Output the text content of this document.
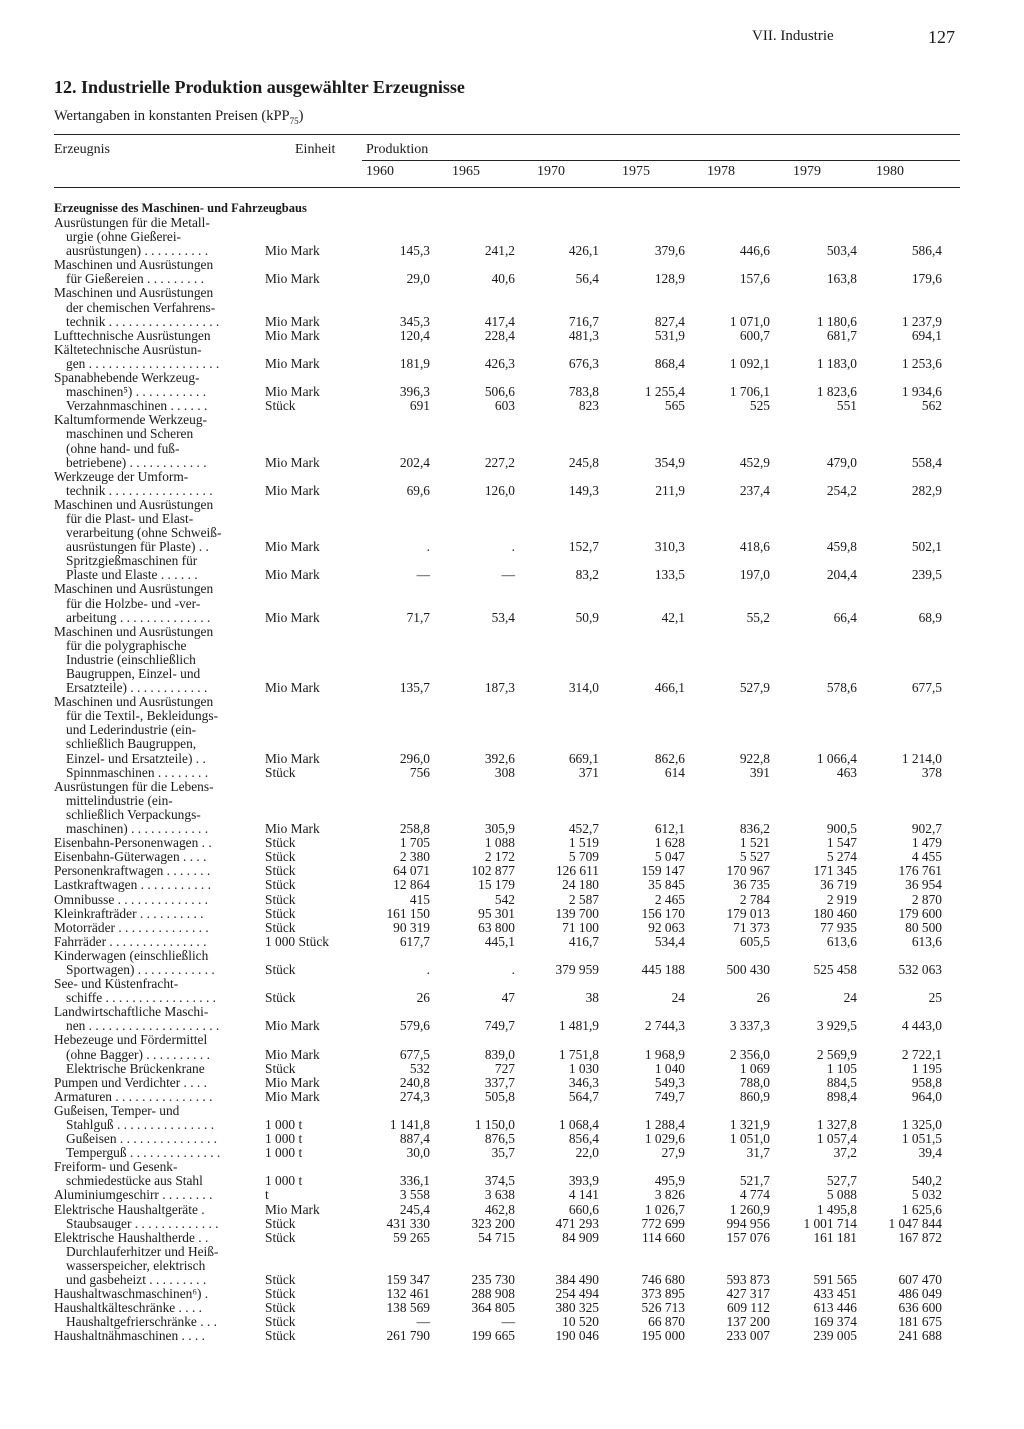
VII. Industrie	127
12. Industrielle Produktion ausgewählter Erzeugnisse
Wertangaben in konstanten Preisen (kPP$_{75}$)
Erzeugnis	Einheit Produktion
1960	1965	1970	1975	1978	1979	1980
Erzeugnisse des Maschinen- und Fahrzeugbaus
Ausrüstungen für die Metall-
urgie (ohne Gießerei-
ausrüstungen) . . . . . . . . . .	Mio Mark	145,3	241,2	426,1	379,6	446,6	503,4	586,4
Maschinen und Ausrüstungen
für Gießereien . . . . . . . . .	Mio Mark	29,0	40,6	56,4	128,9	157,6	163,8	179,6
Maschinen und Ausrüstungen
der chemischen Verfahrens-
technik . . . . . . . . . . . . . . . . .	Mio Mark	345,3	417,4	716,7	827,4	1 071,0	1 180,6	1 237,9
Lufttechnische Ausrüstungen	Mio Mark	120,4	228,4	481,3	531,9	600,7	681,7	694,1
Kältetechnische Ausrüstun-
gen . . . . . . . . . . . . . . . . . . . .	Mio Mark	181,9	426,3	676,3	868,4	1 092,1	1 183,0	1 253,6
Spanabhebende Werkzeug-
maschinen⁵) . . . . . . . . . . .	Mio Mark	396,3	506,6	783,8	1 255,4	1 706,1	1 823,6	1 934,6
Verzahnmaschinen . . . . . .	Stück	691	603	823	565	525	551	562
Kaltumformende Werkzeug-
maschinen und Scheren
(ohne hand- und fuß-
betriebene) . . . . . . . . . . . .	Mio Mark	202,4	227,2	245,8	354,9	452,9	479,0	558,4
Werkzeuge der Umform-
technik . . . . . . . . . . . . . . . .	Mio Mark	69,6	126,0	149,3	211,9	237,4	254,2	282,9
Maschinen und Ausrüstungen
für die Plast- und Elast-
verarbeitung (ohne Schweiß-
ausrüstungen für Plaste) . .	Mio Mark	.	.	152,7	310,3	418,6	459,8	502,1
Spritzgießmaschinen für
Plaste und Elaste . . . . . .	Mio Mark	—	—	83,2	133,5	197,0	204,4	239,5
Maschinen und Ausrüstungen
für die Holzbe- und -ver-
arbeitung . . . . . . . . . . . . . .	Mio Mark	71,7	53,4	50,9	42,1	55,2	66,4	68,9
Maschinen und Ausrüstungen
für die polygraphische
Industrie (einschließlich
Baugruppen, Einzel- und
Ersatzteile) . . . . . . . . . . . .	Mio Mark	135,7	187,3	314,0	466,1	527,9	578,6	677,5
Maschinen und Ausrüstungen
für die Textil-, Bekleidungs-
und Lederindustrie (ein-
schließlich Baugruppen,
Einzel- und Ersatzteile) . .	Mio Mark	296,0	392,6	669,1	862,6	922,8	1 066,4	1 214,0
Spinnmaschinen . . . . . . . .	Stück	756	308	371	614	391	463	378
Ausrüstungen für die Lebens-
mittelindustrie (ein-
schließlich Verpackungs-
maschinen) . . . . . . . . . . . .	Mio Mark	258,8	305,9	452,7	612,1	836,2	900,5	902,7
Eisenbahn-Personenwagen . .	Stück	1 705	1 088	1 519	1 628	1 521	1 547	1 479
Eisenbahn-Güterwagen . . . .	Stück	2 380	2 172	5 709	5 047	5 527	5 274	4 455
Personenkraftwagen . . . . . . .	Stück	64 071	102 877	126 611	159 147	170 967	171 345	176 761
Lastkraftwagen . . . . . . . . . . .	Stück	12 864	15 179	24 180	35 845	36 735	36 719	36 954
Omnibusse . . . . . . . . . . . . . .	Stück	415	542	2 587	2 465	2 784	2 919	2 870
Kleinkrafträder . . . . . . . . . .	Stück	161 150	95 301	139 700	156 170	179 013	180 460	179 600
Motorräder . . . . . . . . . . . . . .	Stück	90 319	63 800	71 100	92 063	71 373	77 935	80 500
Fahrräder . . . . . . . . . . . . . . .	1 000 Stück	617,7	445,1	416,7	534,4	605,5	613,6	613,6
Kinderwagen (einschließlich
Sportwagen) . . . . . . . . . . . .	Stück	.	.	379 959	445 188	500 430	525 458	532 063
See- und Küstenfracht-
schiffe . . . . . . . . . . . . . . . . .	Stück	26	47	38	24	26	24	25
Landwirtschaftliche Maschi-
nen . . . . . . . . . . . . . . . . . . . .	Mio Mark	579,6	749,7	1 481,9	2 744,3	3 337,3	3 929,5	4 443,0
Hebezeuge und Fördermittel
(ohne Bagger) . . . . . . . . . .	Mio Mark	677,5	839,0	1 751,8	1 968,9	2 356,0	2 569,9	2 722,1
Elektrische Brückenkrane	Stück	532	727	1 030	1 040	1 069	1 105	1 195
Pumpen und Verdichter . . . .	Mio Mark	240,8	337,7	346,3	549,3	788,0	884,5	958,8
Armaturen . . . . . . . . . . . . . . .	Mio Mark	274,3	505,8	564,7	749,7	860,9	898,4	964,0
Gußeisen, Temper- und
Stahlguß . . . . . . . . . . . . . . .	1 000 t	1 141,8	1 150,0	1 068,4	1 288,4	1 321,9	1 327,8	1 325,0
Gußeisen . . . . . . . . . . . . . . .	1 000 t	887,4	876,5	856,4	1 029,6	1 051,0	1 057,4	1 051,5
Temperguß . . . . . . . . . . . . . .	1 000 t	30,0	35,7	22,0	27,9	31,7	37,2	39,4
Freiform- und Gesenk-
schmiedestücke aus Stahl	1 000 t	336,1	374,5	393,9	495,9	521,7	527,7	540,2
Aluminiumgeschirr . . . . . . . .	t	3 558	3 638	4 141	3 826	4 774	5 088	5 032
Elektrische Haushaltgeräte .	Mio Mark	245,4	462,8	660,6	1 026,7	1 260,9	1 495,8	1 625,6
Staubsauger . . . . . . . . . . . . .	Stück	431 330	323 200	471 293	772 699	994 956	1 001 714	1 047 844
Elektrische Haushaltherde . .	Stück	59 265	54 715	84 909	114 660	157 076	161 181	167 872
Durchlauferhitzer und Heiß-
wasserspeicher, elektrisch
und gasbeheizt . . . . . . . . .	Stück	159 347	235 730	384 490	746 680	593 873	591 565	607 470
Haushaltwaschmaschinen⁶) .	Stück	132 461	288 908	254 494	373 895	427 317	433 451	486 049
Haushaltkälteschränke . . . .	Stück	138 569	364 805	380 325	526 713	609 112	613 446	636 600
Haushaltgefrierschränke . . .	Stück	—	—	10 520	66 870	137 200	169 374	181 675
Haushaltnähmaschinen . . . .	Stück	261 790	199 665	190 046	195 000	233 007	239 005	241 688
